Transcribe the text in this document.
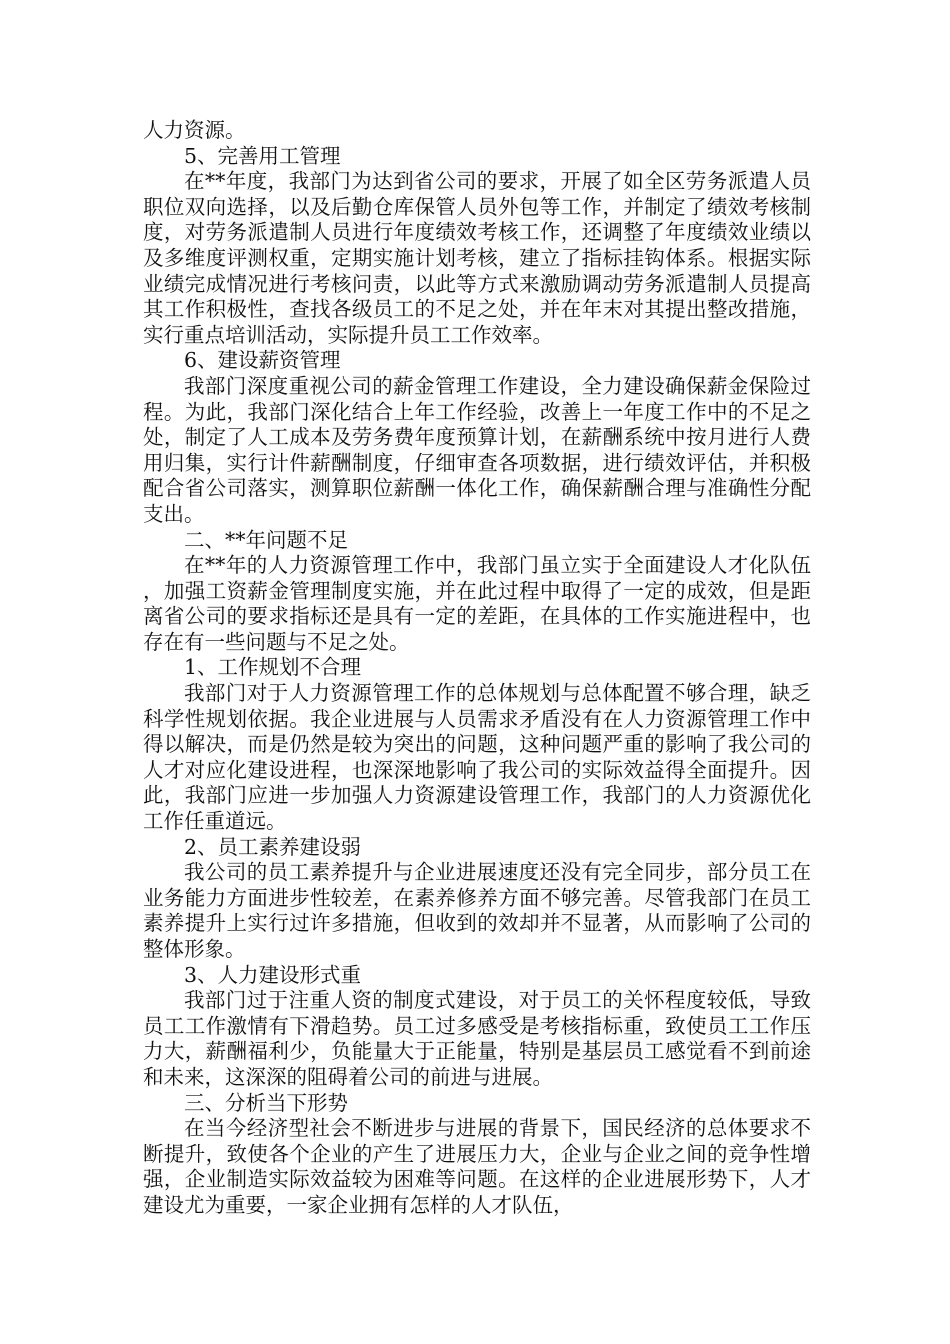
人力资源。

5、完善用工管理

在**年度，我部门为达到省公司的要求，开展了如全区劳务派遣人员职位双向选择，以及后勤仓库保管人员外包等工作，并制定了绩效考核制度，对劳务派遣制人员进行年度绩效考核工作，还调整了年度绩效业绩以及多维度评测权重，定期实施计划考核，建立了指标挂钩体系。根据实际业绩完成情况进行考核问责，以此等方式来激励调动劳务派遣制人员提高其工作积极性，查找各级员工的不足之处，并在年末对其提出整改措施，实行重点培训活动，实际提升员工工作效率。

6、建设薪资管理

我部门深度重视公司的薪金管理工作建设，全力建设确保薪金保险过程。为此，我部门深化结合上年工作经验，改善上一年度工作中的不足之处，制定了人工成本及劳务费年度预算计划，在薪酬系统中按月进行人费用归集，实行计件薪酬制度，仔细审查各项数据，进行绩效评估，并积极配合省公司落实，测算职位薪酬一体化工作，确保薪酬合理与准确性分配支出。

二、**年问题不足

在**年的人力资源管理工作中，我部门虽立实于全面建设人才化队伍，加强工资薪金管理制度实施，并在此过程中取得了一定的成效，但是距离省公司的要求指标还是具有一定的差距，在具体的工作实施进程中，也存在有一些问题与不足之处。

1、工作规划不合理

我部门对于人力资源管理工作的总体规划与总体配置不够合理，缺乏科学性规划依据。我企业进展与人员需求矛盾没有在人力资源管理工作中得以解决，而是仍然是较为突出的问题，这种问题严重的影响了我公司的人才对应化建设进程，也深深地影响了我公司的实际效益得全面提升。因此，我部门应进一步加强人力资源建设管理工作，我部门的人力资源优化工作任重道远。

2、员工素养建设弱

我公司的员工素养提升与企业进展速度还没有完全同步，部分员工在业务能力方面进步性较差，在素养修养方面不够完善。尽管我部门在员工素养提升上实行过许多措施，但收到的效却并不显著，从而影响了公司的整体形象。

3、人力建设形式重

我部门过于注重人资的制度式建设，对于员工的关怀程度较低，导致员工工作激情有下滑趋势。员工过多感受是考核指标重，致使员工工作压力大，薪酬福利少，负能量大于正能量，特别是基层员工感觉看不到前途和未来，这深深的阻碍着公司的前进与进展。

三、分析当下形势

在当今经济型社会不断进步与进展的背景下，国民经济的总体要求不断提升，致使各个企业的产生了进展压力大，企业与企业之间的竞争性增强，企业制造实际效益较为困难等问题。在这样的企业进展形势下，人才建设尤为重要，一家企业拥有怎样的人才队伍，
